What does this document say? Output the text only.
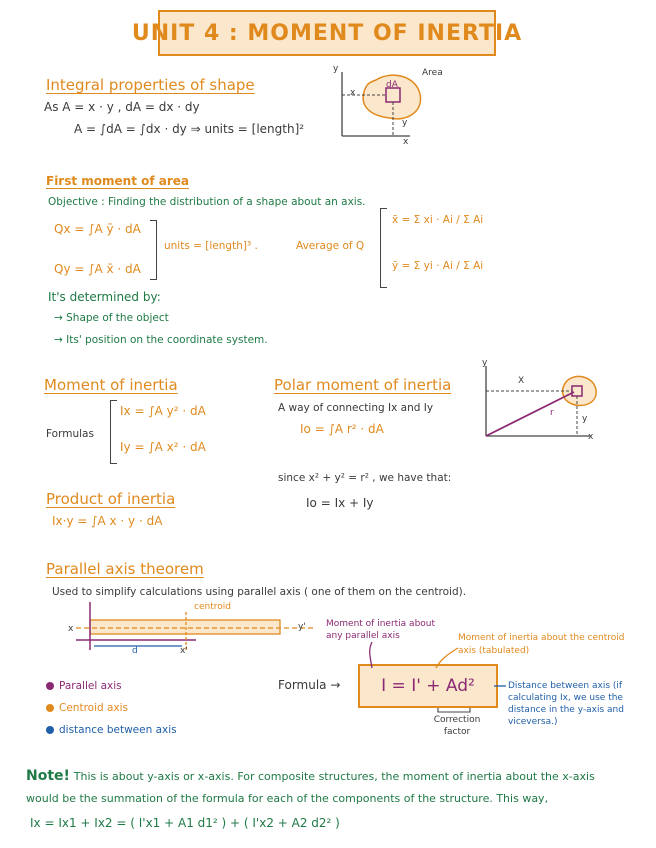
UNIT 4 : MOMENT OF INERTIA
Integral properties of shape
As A = x · y , dA = dx · dy
A = ∫dA = ∫dx · dy ⇒ units = [length]²
y
x
Area
x
y
dA
First moment of area
Objective : Finding the distribution of a shape about an axis.
Qx = ∫A ȳ · dA
Qy = ∫A x̄ · dA
units = [length]³ .	Average of Q
x̄ = Σ xi · Ai / Σ Ai
ȳ = Σ yi · Ai / Σ Ai
It's determined by:
→ Shape of the object
→ Its' position on the coordinate system.
Moment of inertia
Formulas
Ix = ∫A y² · dA
Iy = ∫A x² · dA
Polar moment of inertia
A way of connecting Ix and Iy
Io = ∫A r² · dA
since x² + y² = r² , we have that:
Io = Ix + Iy
y
x
X
y
r
Product of inertia
Ix·y = ∫A x · y · dA
Parallel axis theorem
Used to simplify calculations using parallel axis ( one of them on the centroid).
x
x'
y'
d
centroid
Parallel axis
Centroid axis
distance between axis
Formula →	I = I' + Ad²
Moment of inertia about any parallel axis	Moment of inertia about the centroid axis (tabulated)
Distance between axis (if calculating Ix, we use the distance in the y-axis and viceversa.)
Correction factor
Note! This is about y-axis or x-axis. For composite structures, the moment of inertia about the x-axis
would be the summation of the formula for each of the components of the structure. This way,
Ix = Ix1 + Ix2 = ( I'x1 + A1 d1² ) + ( I'x2 + A2 d2² )
